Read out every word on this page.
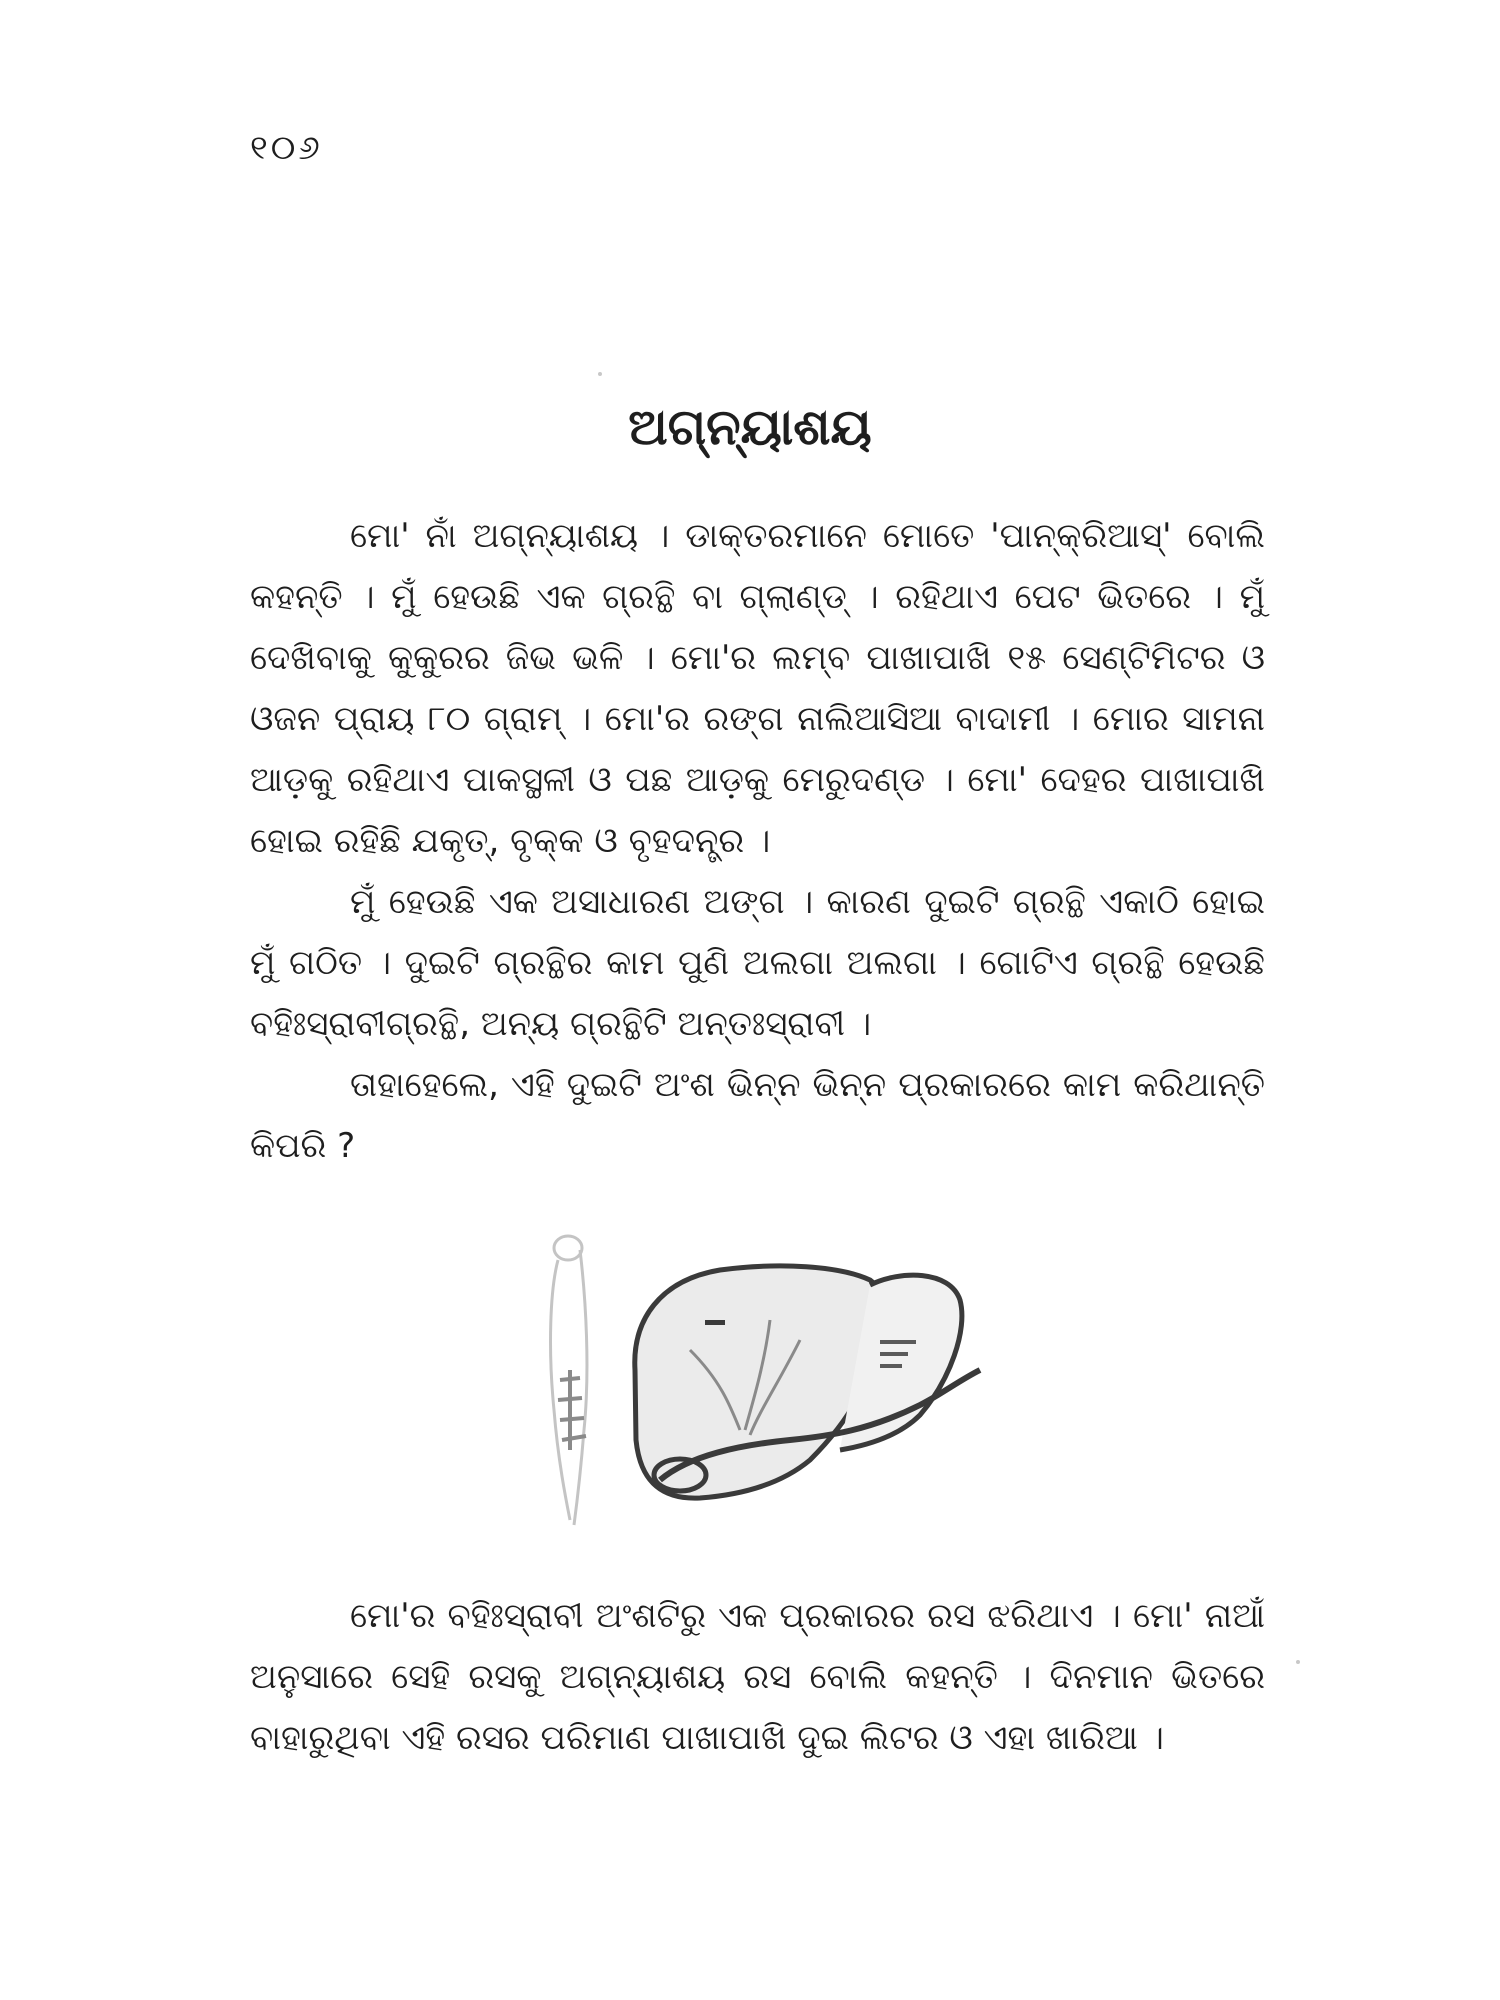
୧୦୬
ଅଗ୍ନ୍ୟାଶୟ

ମୋ' ନାଁ ଅଗ୍ନ୍ୟାଶୟ । ଡାକ୍ତରମାନେ ମୋତେ 'ପାନ୍‌କ୍ରିଆସ୍' ବୋଲି କହନ୍ତି । ମୁଁ ହେଉଛି ଏକ ଗ୍ରନ୍ଥି ବା ଗ୍ଲାଣ୍ଡ୍ । ରହିଥାଏ ପେଟ ଭିତରେ । ମୁଁ ଦେଖିବାକୁ କୁକୁରର ଜିଭ ଭଳି । ମୋ'ର ଲମ୍ବ ପାଖାପାଖି ୧୫ ସେଣ୍ଟିମିଟର ଓ ଓଜନ ପ୍ରାୟ ୮୦ ଗ୍ରାମ୍ । ମୋ'ର ରଙ୍ଗ ନାଲିଆସିଆ ବାଦାମୀ । ମୋର ସାମନା ଆଡ଼କୁ ରହିଥାଏ ପାକସ୍ଥଳୀ ଓ ପଛ ଆଡ଼କୁ ମେରୁଦଣ୍ଡ । ମୋ' ଦେହର ପାଖାପାଖି ହୋଇ ରହିଛି ଯକୃତ୍, ବୃକ୍କ ଓ ବୃହଦନ୍ତ୍ର ।

ମୁଁ ହେଉଛି ଏକ ଅସାଧାରଣ ଅଙ୍ଗ । କାରଣ ଦୁଇଟି ଗ୍ରନ୍ଥି ଏକାଠି ହୋଇ ମୁଁ ଗଠିତ । ଦୁଇଟି ଗ୍ରନ୍ଥିର କାମ ପୁଣି ଅଲଗା ଅଲଗା । ଗୋଟିଏ ଗ୍ରନ୍ଥି ହେଉଛି ବହିଃସ୍ରାବୀଗ୍ରନ୍ଥି, ଅନ୍ୟ ଗ୍ରନ୍ଥିଟି ଅନ୍ତଃସ୍ରାବୀ ।

ତାହାହେଲେ, ଏହି ଦୁଇଟି ଅଂଶ ଭିନ୍ନ ଭିନ୍ନ ପ୍ରକାରରେ କାମ କରିଥାନ୍ତି କିପରି ?

ମୋ'ର ବହିଃସ୍ରାବୀ ଅଂଶଟିରୁ ଏକ ପ୍ରକାରର ରସ ଝରିଥାଏ । ମୋ' ନାଆଁ ଅନୁସାରେ ସେହି ରସକୁ ଅଗ୍ନ୍ୟାଶୟ ରସ ବୋଲି କହନ୍ତି । ଦିନମାନ ଭିତରେ ବାହାରୁଥିବା ଏହି ରସର ପରିମାଣ ପାଖାପାଖି ଦୁଇ ଲିଟର ଓ ଏହା ଖାରିଆ ।
